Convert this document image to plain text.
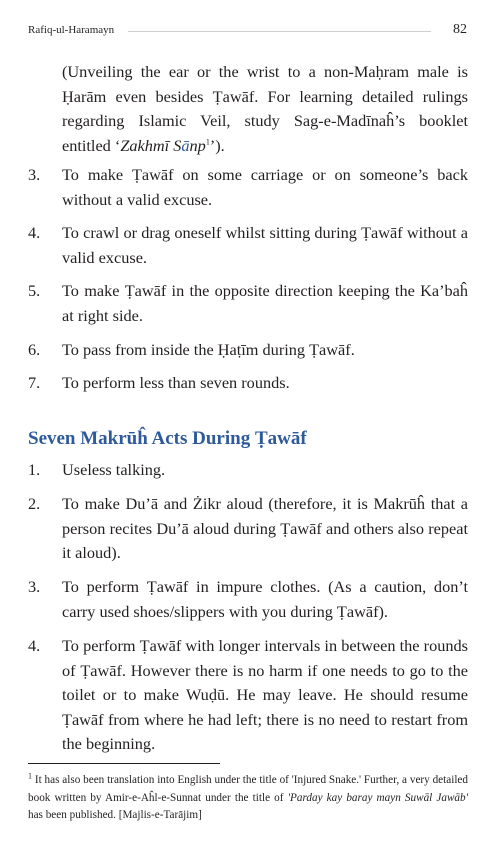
Rafiq-ul-Haramayn	82
(Unveiling the ear or the wrist to a non-Maḥram male is Ḥarām even besides Ṭawāf. For learning detailed rulings regarding Islamic Veil, study Sag-e-Madīnaĥ’s booklet entitled ‘Zakhmī Sānp$^1$’).
3.	To make Ṭawāf on some carriage or on someone’s back without a valid excuse.
4.	To crawl or drag oneself whilst sitting during Ṭawāf without a valid excuse.
5.	To make Ṭawāf in the opposite direction keeping the Ka’baĥ at right side.
6.	To pass from inside the Ḥaṭīm during Ṭawāf.
7.	To perform less than seven rounds.
Seven Makrūĥ Acts During Ṭawāf
1.	Useless talking.
2.	To make Du’ā and Żikr aloud (therefore, it is Makrūĥ that a person recites Du’ā aloud during Ṭawāf and others also repeat it aloud).
3.	To perform Ṭawāf in impure clothes. (As a caution, don’t carry used shoes/slippers with you during Ṭawāf).
4.	To perform Ṭawāf with longer intervals in between the rounds of Ṭawāf. However there is no harm if one needs to go to the toilet or to make Wuḍū. He may leave. He should resume Ṭawāf from where he had left; there is no need to restart from the beginning.
$^1$ It has also been translation into English under the title of 'Injured Snake.' Further, a very detailed book written by Amir-e-Aĥl-e-Sunnat under the title of 'Parday kay baray mayn Suwāl Jawāb' has been published. [Majlis-e-Tarājim]
